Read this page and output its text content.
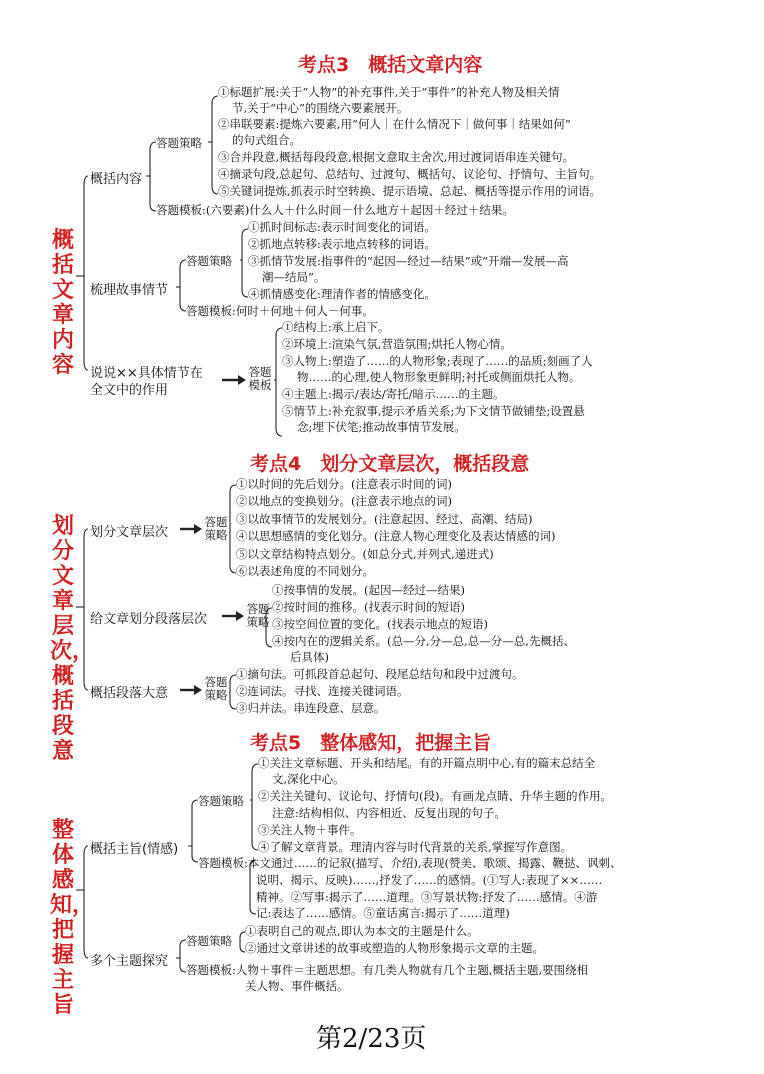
考点3　概括文章内容
概括文章内容
概括内容
答题策略
①标题扩展:关于“人物”的补充事件,关于“事件”的补充人物及相关情
节,关于“中心”的围绕六要素展开。
②串联要素:提炼六要素,用“何人｜在什么情况下｜做何事｜结果如何”
的句式组合。
③合并段意,概括每段段意,根据文意取主舍次,用过渡词语串连关键句。
④摘录句段,总起句、总结句、过渡句、概括句、议论句、抒情句、主旨句。
⑤关键词提炼,抓表示时空转换、提示语境、总起、概括等提示作用的词语。
答题模板:(六要素)什么人＋什么时间－什么地方＋起因＋经过＋结果。
梳理故事情节
答题策略
①抓时间标志:表示时间变化的词语。
②抓地点转移:表示地点转移的词语。
③抓情节发展:指事件的“起因—经过—结果”或“开端—发展—高
潮—结局”。
④抓情感变化:理清作者的情感变化。
答题模板:何时＋何地＋何人－何事。
说说××具体情节在
全文中的作用
答题模板
①结构上:承上启下。
②环境上:渲染气氛,营造氛围;烘托人物心情。
③人物上:塑造了……的人物形象;表现了……的品质;刻画了人
物……的心理,使人物形象更鲜明;衬托或侧面烘托人物。
④主题上:揭示/表达/寄托/暗示……的主题。
⑤情节上:补充叙事,提示矛盾关系;为下文情节做铺垫;设置悬
念;埋下伏笔;推动故事情节发展。
考点4　划分文章层次，概括段意
划分文章层次，概括段意
划分文章层次
答题策略
①以时间的先后划分。(注意表示时间的词)
②以地点的变换划分。(注意表示地点的词)
③以故事情节的发展划分。(注意起因、经过、高潮、结局)
④以思想感情的变化划分。(注意人物心理变化及表达情感的词)
⑤以文章结构特点划分。(如总分式,并列式,递进式)
⑥以表述角度的不同划分。
给文章划分段落层次
答题策略
①按事情的发展。(起因—经过—结果)
②按时间的推移。(找表示时间的短语)
③按空间位置的变化。(找表示地点的短语)
④按内在的逻辑关系。(总—分,分—总,总—分—总,先概括、
后具体)
概括段落大意
答题策略
①摘句法。可抓段首总起句、段尾总结句和段中过渡句。
②连词法。寻找、连接关键词语。
③归并法。串连段意、层意。
考点5　整体感知，把握主旨
整体感知，把握主旨
概括主旨(情感)
答题策略
①关注文章标题、开头和结尾。有的开篇点明中心,有的篇末总结全
文,深化中心。
②关注关键句、议论句、抒情句(段)。有画龙点睛、升华主题的作用。
注意:结构相似、内容相近、反复出现的句子。
③关注人物＋事件。
④了解文章背景。理清内容与时代背景的关系,掌握写作意图。
答题模板:本文通过……的记叙(描写、介绍),表现(赞美、歌颂、揭露、鞭挞、讽刺、
说明、揭示、反映)……,抒发了……的感情。(①写人:表现了××……
精神。②写事:揭示了……道理。③写景状物:抒发了……感情。④游
记:表达了……感情。⑤童话寓言:揭示了……道理)
多个主题探究
答题策略
①表明自己的观点,即认为本文的主题是什么。
②通过文章讲述的故事或塑造的人物形象揭示文章的主题。
答题模板:人物＋事件＝主题思想。有几类人物就有几个主题,概括主题,要围绕相
关人物、事件概括。
第2/23页
